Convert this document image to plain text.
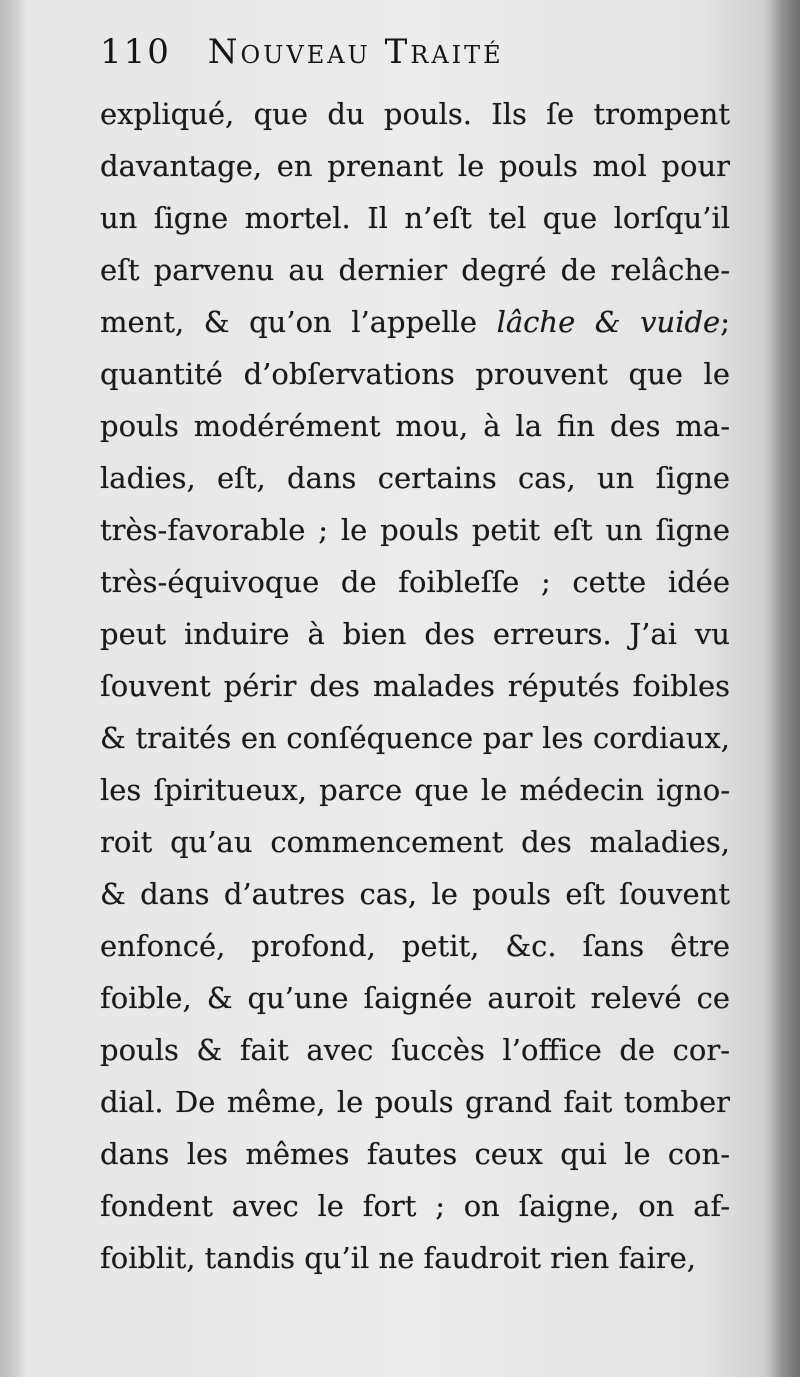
110 Nouveau Traité
expliqué, que du pouls. Ils ſe trompent
davantage, en prenant le pouls mol pour
un ſigne mortel. Il n’eſt tel que lorſqu’il
eſt parvenu au dernier degré de relâche-
ment, & qu’on l’appelle lâche & vuide;
quantité d’obſervations prouvent que le
pouls modérément mou, à la fin des ma-
ladies, eſt, dans certains cas, un ſigne
très-favorable ; le pouls petit eſt un ſigne
très-équivoque de foibleſſe ; cette idée
peut induire à bien des erreurs. J’ai vu
ſouvent périr des malades réputés foibles
& traités en conſéquence par les cordiaux,
les ſpiritueux, parce que le médecin igno-
roit qu’au commencement des maladies,
& dans d’autres cas, le pouls eſt ſouvent
enfoncé, profond, petit, &c. ſans être
foible, & qu’une ſaignée auroit relevé ce
pouls & fait avec ſuccès l’office de cor-
dial. De même, le pouls grand fait tomber
dans les mêmes fautes ceux qui le con-
fondent avec le fort ; on ſaigne, on af-
foiblit, tandis qu’il ne faudroit rien faire,
